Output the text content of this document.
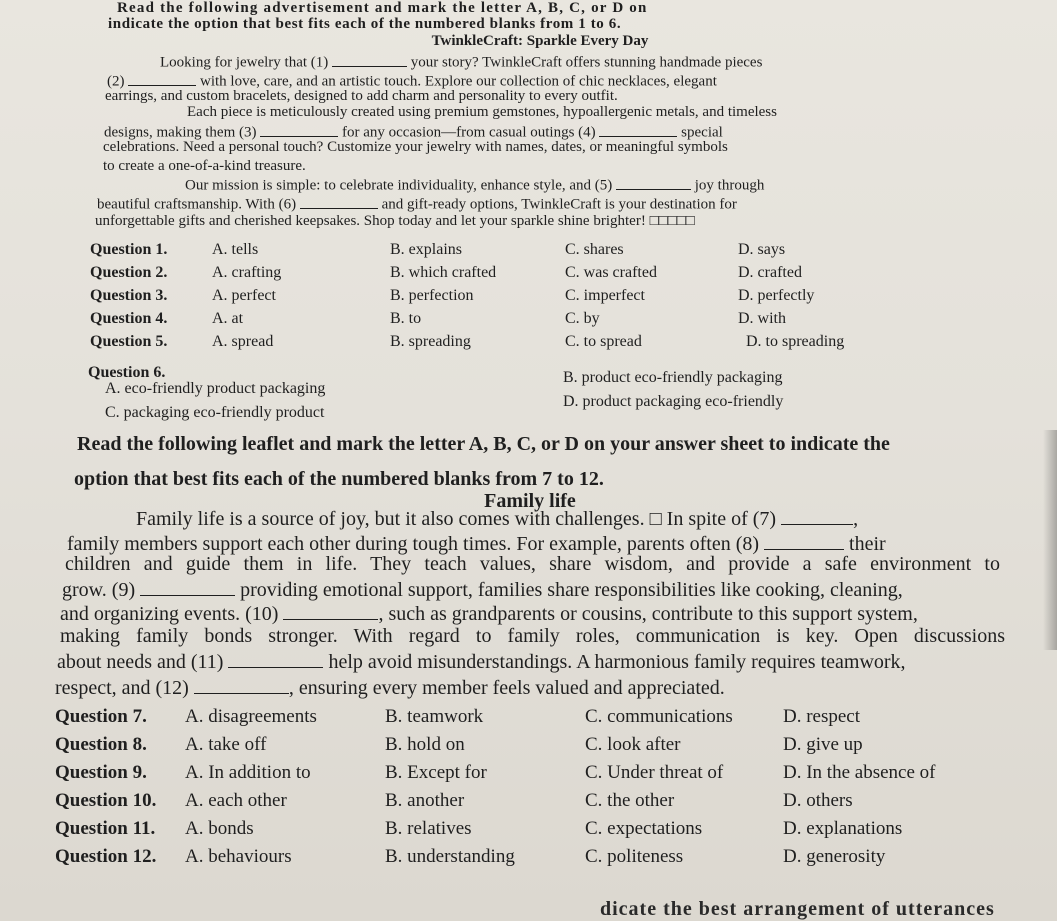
Read the following advertisement and mark the letter A, B, C, or D on
indicate the option that best fits each of the numbered blanks from 1 to 6.
TwinkleCraft: Sparkle Every Day
Looking for jewelry that (1)	your story? TwinkleCraft offers stunning handmade pieces
(2)	with love, care, and an artistic touch. Explore our collection of chic necklaces, elegant
earrings, and custom bracelets, designed to add charm and personality to every outfit.
Each piece is meticulously created using premium gemstones, hypoallergenic metals, and timeless
designs, making them (3)	for any occasion—from casual outings (4)	special
celebrations. Need a personal touch? Customize your jewelry with names, dates, or meaningful symbols
to create a one-of-a-kind treasure.
Our mission is simple: to celebrate individuality, enhance style, and (5)	joy through
beautiful craftsmanship. With (6)	and gift-ready options, TwinkleCraft is your destination for
unforgettable gifts and cherished keepsakes. Shop today and let your sparkle shine brighter! □□□□□
Question 1.	A. tells	B. explains	C. shares	D. says
Question 2.	A. crafting	B. which crafted	C. was crafted	D. crafted
Question 3.	A. perfect	B. perfection	C. imperfect	D. perfectly
Question 4.	A. at	B. to	C. by	D. with
Question 5.	A. spread	B. spreading	C. to spread	D. to spreading
Question 6.
A. eco-friendly product packaging
B. product eco-friendly packaging
C. packaging eco-friendly product
D. product packaging eco-friendly
Read the following leaflet and mark the letter A, B, C, or D on your answer sheet to indicate the
option that best fits each of the numbered blanks from 7 to 12.
Family life
Family life is a source of joy, but it also comes with challenges. □ In spite of (7)	,
family members support each other during tough times. For example, parents often (8)	their
children and guide them in life. They teach values, share wisdom, and provide a safe environment to
grow. (9)	providing emotional support, families share responsibilities like cooking, cleaning,
and organizing events. (10)	, such as grandparents or cousins, contribute to this support system,
making family bonds stronger. With regard to family roles, communication is key. Open discussions
about needs and (11)	help avoid misunderstandings. A harmonious family requires teamwork,
respect, and (12)	, ensuring every member feels valued and appreciated.
Question 7. A. disagreements	B. teamwork	C. communications	D. respect
Question 8. A. take off	B. hold on	C. look after	D. give up
Question 9. A. In addition to	B. Except for	C. Under threat of	D. In the absence of
Question 10. A. each other	B. another	C. the other	D. others
Question 11. A. bonds	B. relatives	C. expectations	D. explanations
Question 12. A. behaviours	B. understanding	C. politeness	D. generosity
dicate the best arrangement of utterances
